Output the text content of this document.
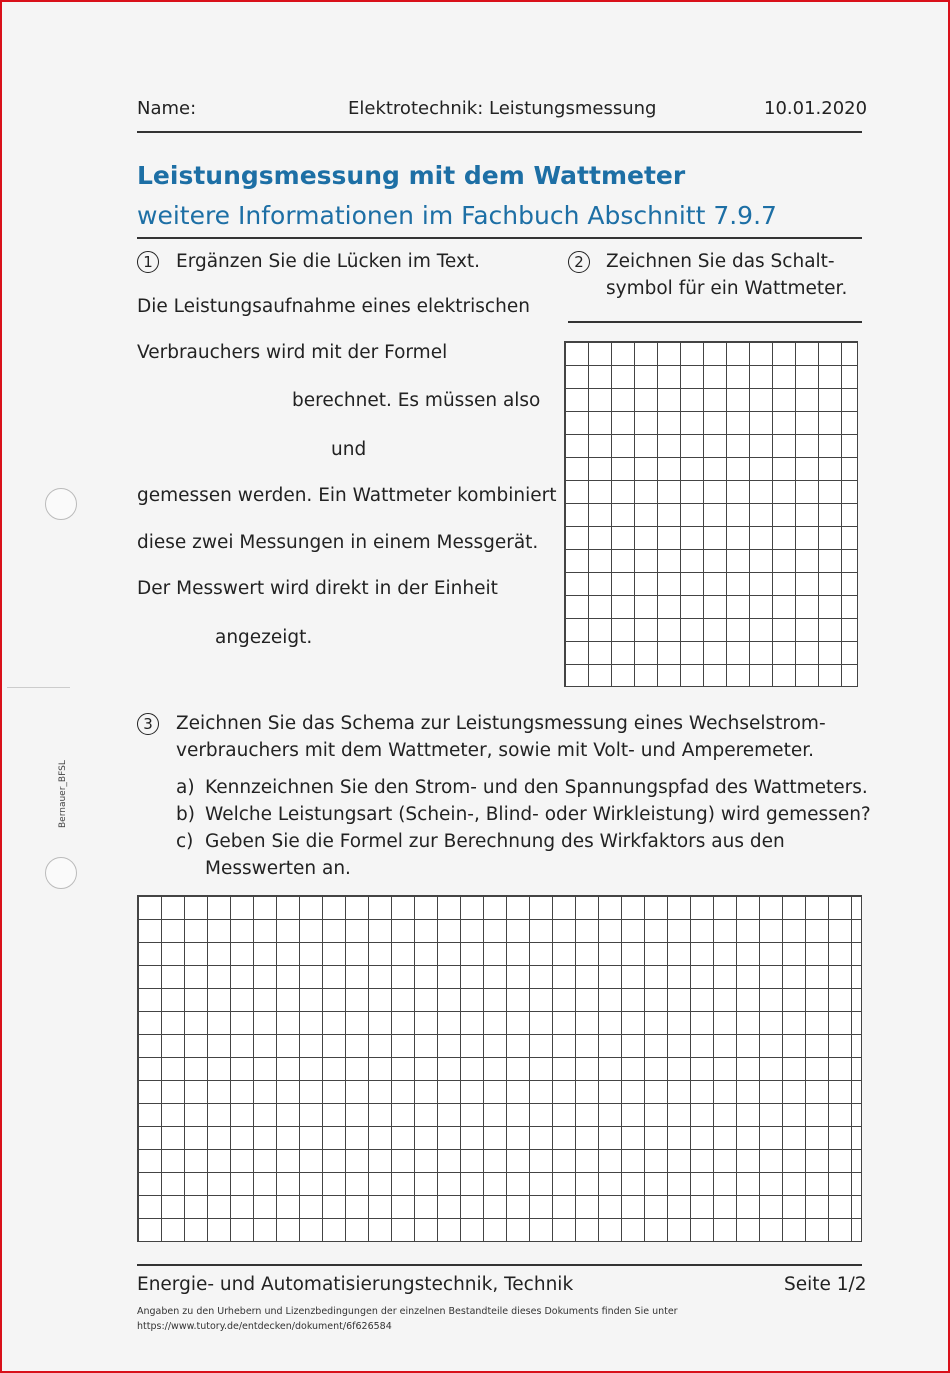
Name:	Elektrotechnik: Leistungsmessung	10.01.2020
Leistungsmessung mit dem Wattmeter
weitere Informationen im Fachbuch Abschnitt 7.9.7
1	Ergänzen Sie die Lücken im Text.
Die Leistungsaufnahme eines elektrischen
Verbrauchers wird mit der Formel
berechnet. Es müssen also
und
gemessen werden. Ein Wattmeter kombiniert
diese zwei Messungen in einem Messgerät.
Der Messwert wird direkt in der Einheit
angezeigt.
2	Zeichnen Sie das Schalt-
symbol für ein Wattmeter.
3	Zeichnen Sie das Schema zur Leistungsmessung eines Wechselstrom-
verbrauchers mit dem Wattmeter, sowie mit Volt- und Amperemeter.
a) Kennzeichnen Sie den Strom- und den Spannungspfad des Wattmeters.
b) Welche Leistungsart (Schein-, Blind- oder Wirkleistung) wird gemessen?
c) Geben Sie die Formel zur Berechnung des Wirkfaktors aus den
Messwerten an.
Bernauer_BFSL
Energie- und Automatisierungstechnik, Technik	Seite 1/2
Angaben zu den Urhebern und Lizenzbedingungen der einzelnen Bestandteile dieses Dokuments finden Sie unter
https://www.tutory.de/entdecken/dokument/6f626584
